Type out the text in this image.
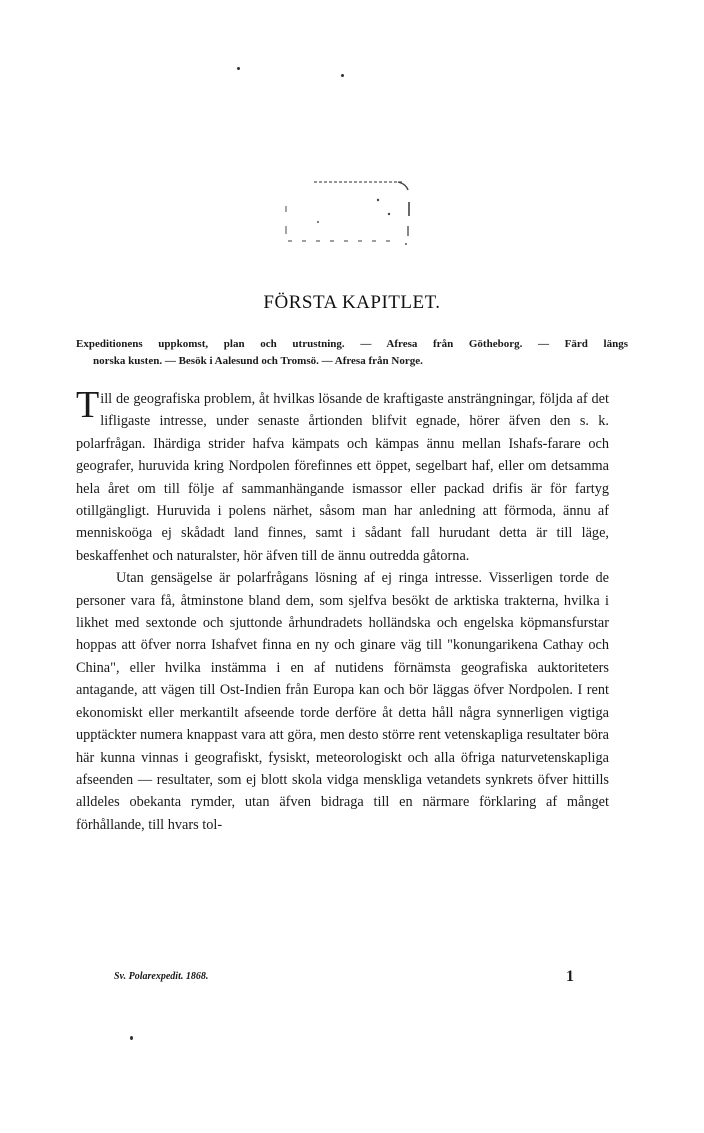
FÖRSTA KAPITLET.
Expeditionens uppkomst, plan och utrustning. — Afresa från Götheborg. — Färd längs
norska kusten. — Besök i Aalesund och Tromsö. — Afresa från Norge.

Till de geografiska problem, åt hvilkas lösande de kraftigaste ansträngningar, följda af det lifligaste intresse, under senaste årtionden blifvit egnade, hörer äfven den s. k. polarfrågan. Ihärdiga strider hafva kämpats och kämpas ännu mellan Ishafs-farare och geografer, huruvida kring Nordpolen förefinnes ett öppet, segelbart haf, eller om detsamma hela året om till följe af sammanhängande ismassor eller packad drifis är för fartyg otillgängligt. Huruvida i polens närhet, såsom man har anledning att förmoda, ännu af menniskoöga ej skådadt land finnes, samt i sådant fall hurudant detta är till läge, beskaffenhet och naturalster, hör äfven till de ännu outredda gåtorna.

Utan gensägelse är polarfrågans lösning af ej ringa intresse. Visserligen torde de personer vara få, åtminstone bland dem, som sjelfva besökt de arktiska trakterna, hvilka i likhet med sextonde och sjuttonde århundradets holländska och engelska köpmansfurstar hoppas att öfver norra Ishafvet finna en ny och ginare väg till "konungarikena Cathay och China", eller hvilka instämma i en af nutidens förnämsta geografiska auktoriteters antagande, att vägen till Ost-Indien från Europa kan och bör läggas öfver Nordpolen. I rent ekonomiskt eller merkantilt afseende torde derföre åt detta håll några synnerligen vigtiga upptäckter numera knappast vara att göra, men desto större rent vetenskapliga resultater böra här kunna vinnas i geografiskt, fysiskt, meteorologiskt och alla öfriga naturvetenskapliga afseenden — resultater, som ej blott skola vidga menskliga vetandets synkrets öfver hittills alldeles obekanta rymder, utan äfven bidraga till en närmare förklaring af månget förhållande, till hvars tol-

Sv. Polarexpedit. 1868.	1
